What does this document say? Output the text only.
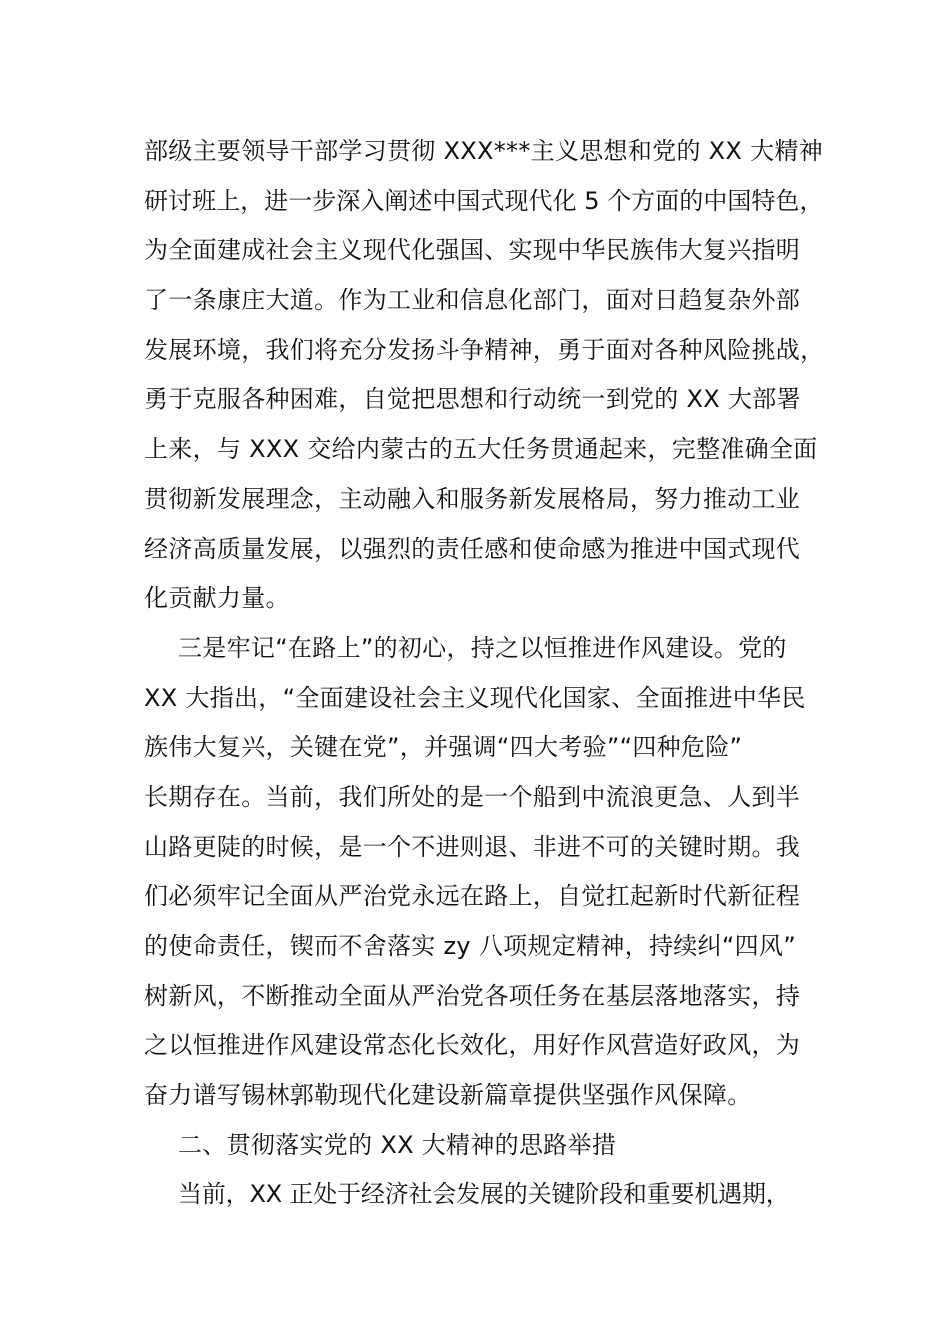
部级主要领导干部学习贯彻 XXX***主义思想和党的 XX 大精神
研讨班上，进一步深入阐述中国式现代化 5 个方面的中国特色，
为全面建成社会主义现代化强国、实现中华民族伟大复兴指明
了一条康庄大道。作为工业和信息化部门，面对日趋复杂外部
发展环境，我们将充分发扬斗争精神，勇于面对各种风险挑战，
勇于克服各种困难，自觉把思想和行动统一到党的 XX 大部署
上来，与 XXX 交给内蒙古的五大任务贯通起来，完整准确全面
贯彻新发展理念，主动融入和服务新发展格局，努力推动工业
经济高质量发展，以强烈的责任感和使命感为推进中国式现代
化贡献力量。
三是牢记“在路上”的初心，持之以恒推进作风建设。党的
XX 大指出，“全面建设社会主义现代化国家、全面推进中华民
族伟大复兴，关键在党”，并强调“四大考验”“四种危险”
长期存在。当前，我们所处的是一个船到中流浪更急、人到半
山路更陡的时候，是一个不进则退、非进不可的关键时期。我
们必须牢记全面从严治党永远在路上，自觉扛起新时代新征程
的使命责任，锲而不舍落实 zy 八项规定精神，持续纠“四风”
树新风，不断推动全面从严治党各项任务在基层落地落实，持
之以恒推进作风建设常态化长效化，用好作风营造好政风，为
奋力谱写锡林郭勒现代化建设新篇章提供坚强作风保障。
二、贯彻落实党的 XX 大精神的思路举措
当前，XX 正处于经济社会发展的关键阶段和重要机遇期，
